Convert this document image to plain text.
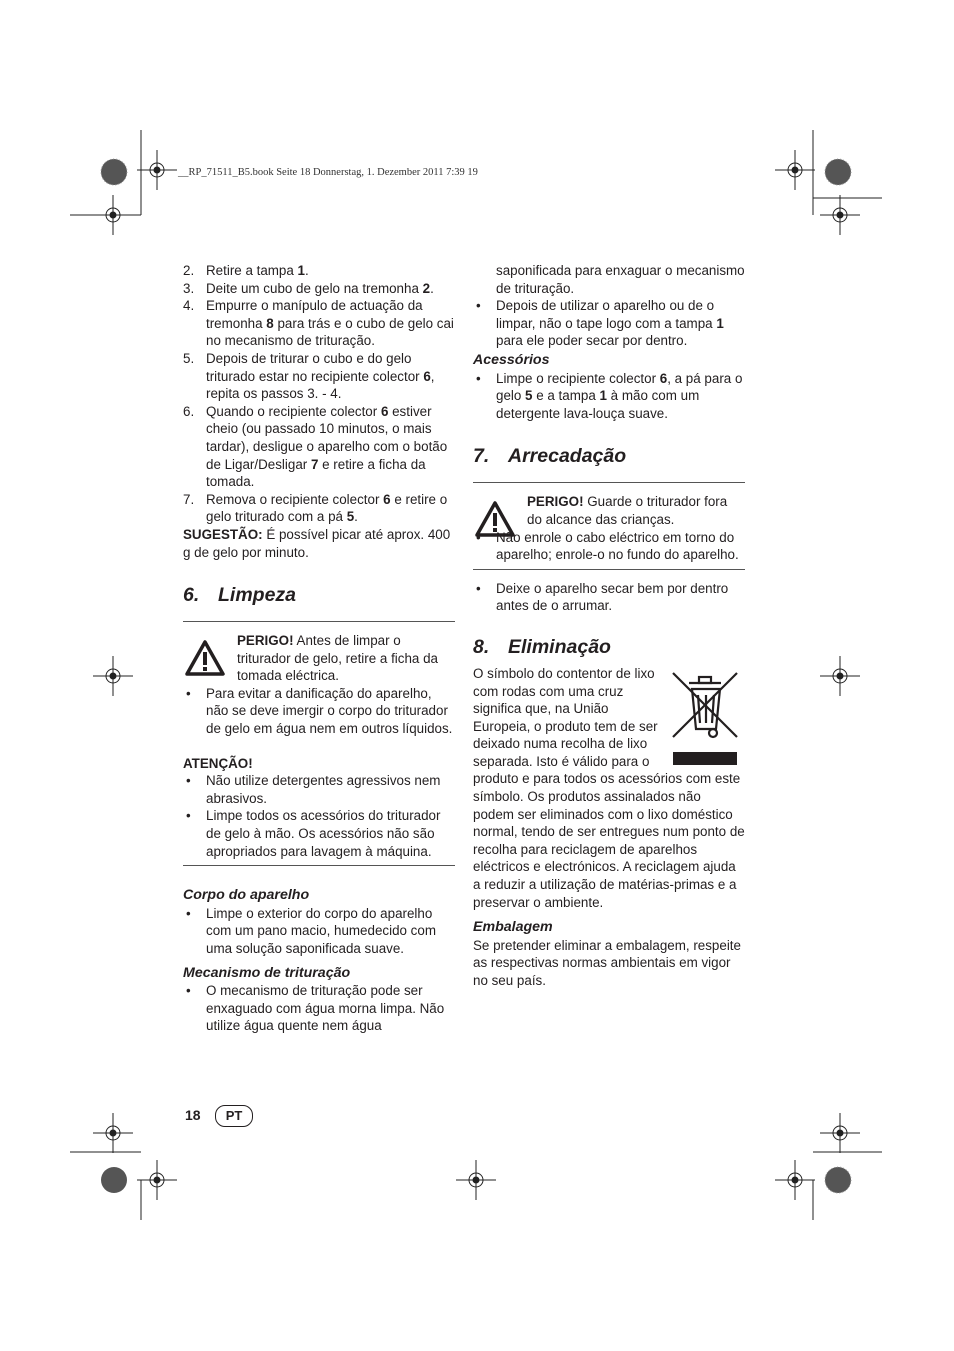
__RP_71511_B5.book Seite 18 Donnerstag, 1. Dezember 2011 7:39 19

2. Retire a tampa 1.

3. Deite um cubo de gelo na tremonha 2.

4. Empurre o manípulo de actuação da tremonha 8 para trás e o cubo de gelo cai no mecanismo de trituração.

5. Depois de triturar o cubo e do gelo triturado estar no recipiente colector 6, repita os passos 3. - 4.

6. Quando o recipiente colector 6 estiver cheio (ou passado 10 minutos, o mais tardar), desligue o aparelho com o botão de Ligar/Desligar 7 e retire a ficha da tomada.

7. Remova o recipiente colector 6 e retire o gelo triturado com a pá 5.

SUGESTÃO: É possível picar até aprox. 400 g de gelo por minuto.

6. Limpeza

PERIGO! Antes de limpar o triturador de gelo, retire a ficha da tomada eléctrica.

• Para evitar a danificação do aparelho, não se deve imergir o corpo do triturador de gelo em água nem em outros líquidos.

ATENÇÃO!

• Não utilize detergentes agressivos nem abrasivos.

• Limpe todos os acessórios do triturador de gelo à mão. Os acessórios não são apropriados para lavagem à máquina.

Corpo do aparelho

• Limpe o exterior do corpo do aparelho com um pano macio, humedecido com uma solução saponificada suave.

Mecanismo de trituração

• O mecanismo de trituração pode ser enxaguado com água morna limpa. Não utilize água quente nem água

saponificada para enxaguar o mecanismo de trituração.

• Depois de utilizar o aparelho ou de o limpar, não o tape logo com a tampa 1 para ele poder secar por dentro.

Acessórios

• Limpe o recipiente colector 6, a pá para o gelo 5 e a tampa 1 à mão com um detergente lava-louça suave.

7. Arrecadação

PERIGO! Guarde o triturador fora do alcance das crianças.

• Não enrole o cabo eléctrico em torno do aparelho; enrole-o no fundo do aparelho.

• Deixe o aparelho secar bem por dentro antes de o arrumar.

8. Eliminação

O símbolo do contentor de lixo com rodas com uma cruz significa que, na União Europeia, o produto tem de ser deixado numa recolha de lixo separada. Isto é válido para o produto e para todos os acessórios com este símbolo. Os produtos assinalados não podem ser eliminados com o lixo doméstico normal, tendo de ser entregues num ponto de recolha para reciclagem de aparelhos eléctricos e electrónicos. A reciclagem ajuda a reduzir a utilização de matérias-primas e a preservar o ambiente.

Embalagem

Se pretender eliminar a embalagem, respeite as respectivas normas ambientais em vigor no seu país.

18	PT
